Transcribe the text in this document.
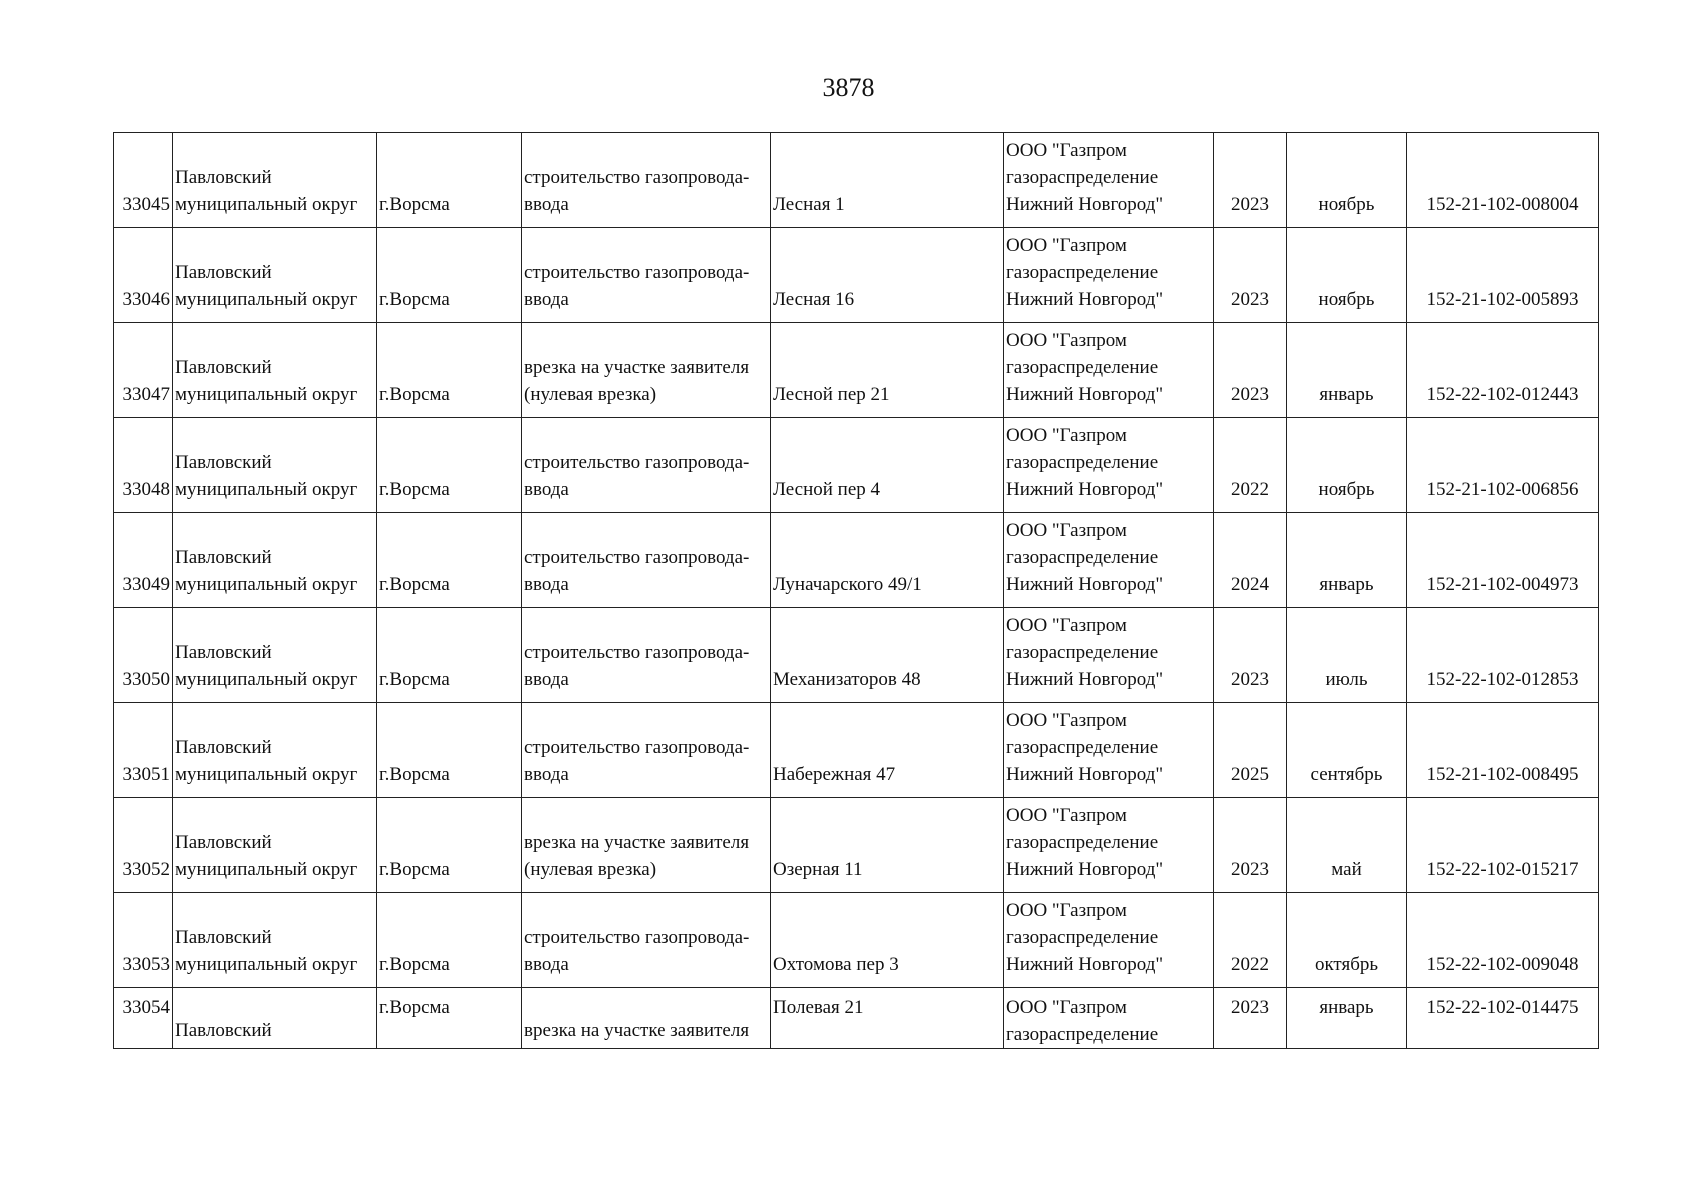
3878
33045	Павловский
муниципальный округ	г.Ворсма	строительство газопровода-
ввода	Лесная 1	ООО "Газпром
газораспределение
Нижний Новгород"	2023	ноябрь	152-21-102-008004

33046	Павловский
муниципальный округ	г.Ворсма	строительство газопровода-
ввода	Лесная 16	ООО "Газпром
газораспределение
Нижний Новгород"	2023	ноябрь	152-21-102-005893

33047	Павловский
муниципальный округ	г.Ворсма	врезка на участке заявителя
(нулевая врезка)	Лесной пер 21	ООО "Газпром
газораспределение
Нижний Новгород"	2023	январь	152-22-102-012443

33048	Павловский
муниципальный округ	г.Ворсма	строительство газопровода-
ввода	Лесной пер 4	ООО "Газпром
газораспределение
Нижний Новгород"	2022	ноябрь	152-21-102-006856

33049	Павловский
муниципальный округ	г.Ворсма	строительство газопровода-
ввода	Луначарского 49/1	ООО "Газпром
газораспределение
Нижний Новгород"	2024	январь	152-21-102-004973

33050	Павловский
муниципальный округ	г.Ворсма	строительство газопровода-
ввода	Механизаторов 48	ООО "Газпром
газораспределение
Нижний Новгород"	2023	июль	152-22-102-012853

33051	Павловский
муниципальный округ	г.Ворсма	строительство газопровода-
ввода	Набережная 47	ООО "Газпром
газораспределение
Нижний Новгород"	2025	сентябрь	152-21-102-008495

33052	Павловский
муниципальный округ	г.Ворсма	врезка на участке заявителя
(нулевая врезка)	Озерная 11	ООО "Газпром
газораспределение
Нижний Новгород"	2023	май	152-22-102-015217

33053	Павловский
муниципальный округ	г.Ворсма	строительство газопровода-
ввода	Охтомова пер 3	ООО "Газпром
газораспределение
Нижний Новгород"	2022	октябрь	152-22-102-009048

33054	Павловский	г.Ворсма	врезка на участке заявителя	Полевая 21	ООО "Газпром
газораспределение	2023	январь	152-22-102-014475
